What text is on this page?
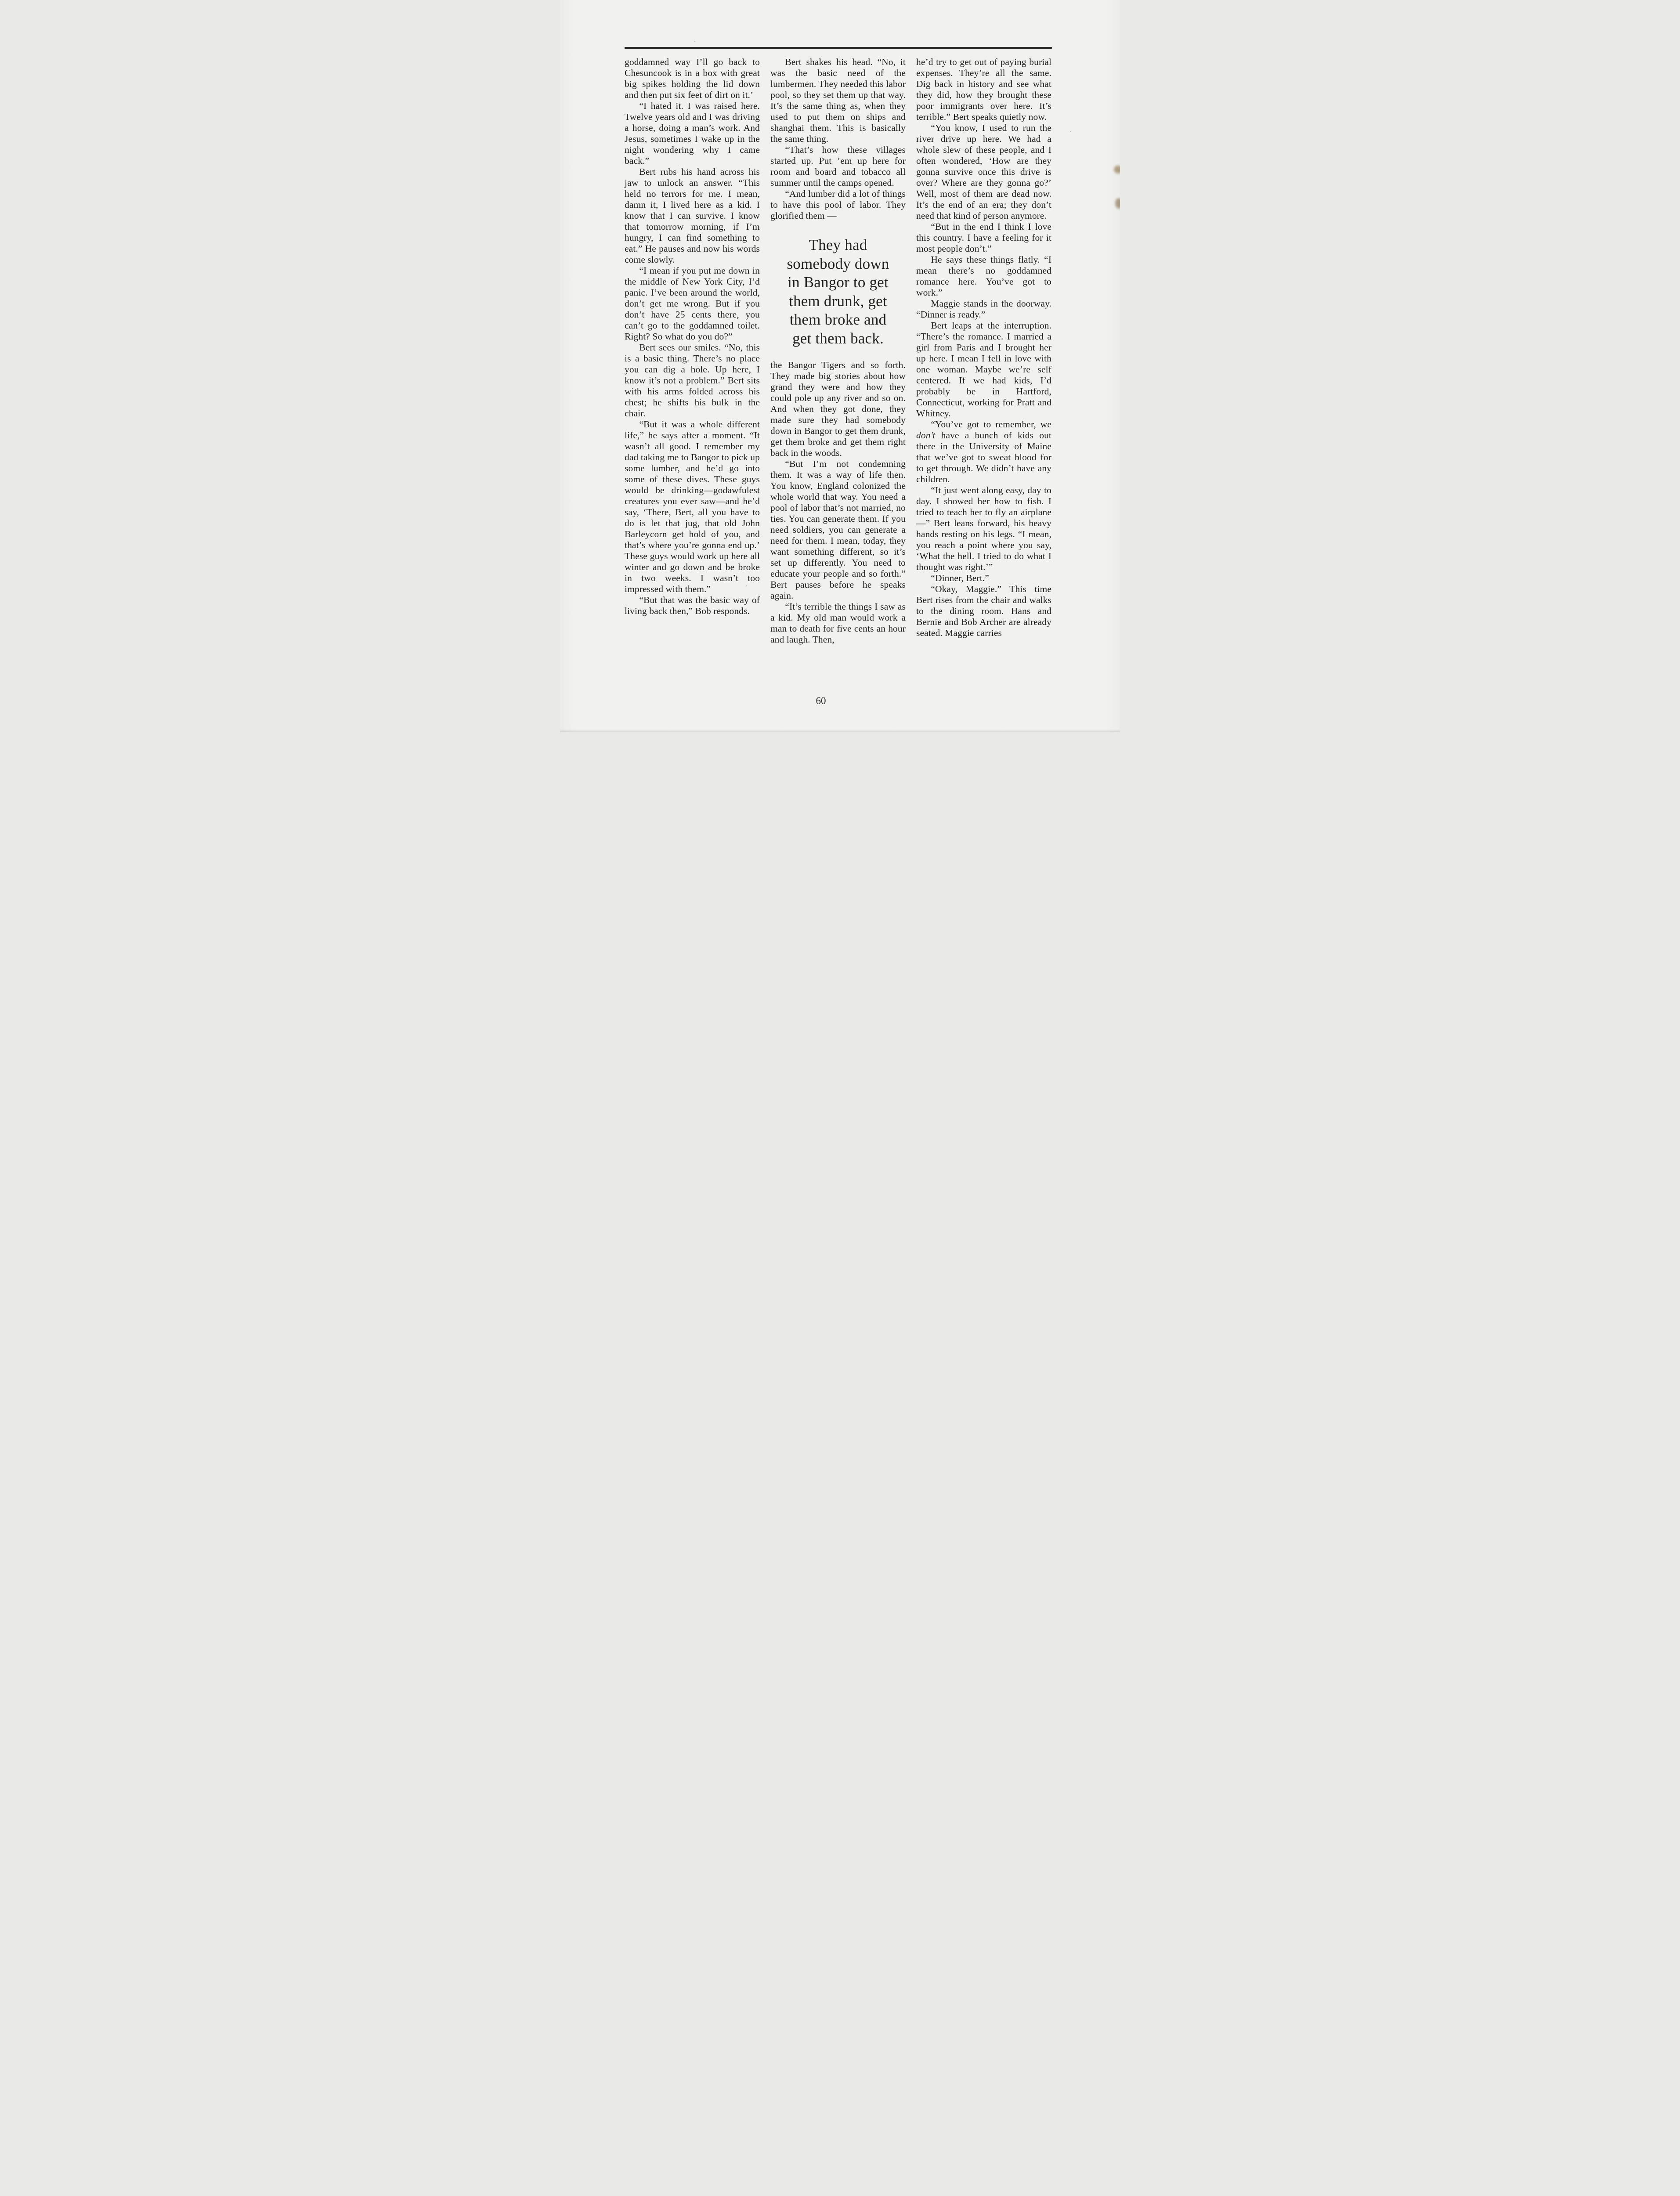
goddamned way I’ll go back to Chesuncook is in a box with great big spikes holding the lid down and then put six feet of dirt on it.’

“I hated it. I was raised here. Twelve years old and I was driving a horse, doing a man’s work. And Jesus, sometimes I wake up in the night wondering why I came back.”

Bert rubs his hand across his jaw to unlock an answer. “This held no terrors for me. I mean, damn it, I lived here as a kid. I know that I can survive. I know that tomorrow morning, if I’m hungry, I can find something to eat.” He pauses and now his words come slowly.

“I mean if you put me down in the middle of New York City, I’d panic. I’ve been around the world, don’t get me wrong. But if you don’t have 25 cents there, you can’t go to the goddamned toilet. Right? So what do you do?”

Bert sees our smiles. “No, this is a basic thing. There’s no place you can dig a hole. Up here, I know it’s not a problem.” Bert sits with his arms folded across his chest; he shifts his bulk in the chair.

“But it was a whole different life,” he says after a moment. “It wasn’t all good. I remember my dad taking me to Bangor to pick up some lumber, and he’d go into some of these dives. These guys would be drinking—godawfulest creatures you ever saw—and he’d say, ‘There, Bert, all you have to do is let that jug, that old John Barleycorn get hold of you, and that’s where you’re gonna end up.’ These guys would work up here all winter and go down and be broke in two weeks. I wasn’t too impressed with them.”

“But that was the basic way of living back then,” Bob responds.

Bert shakes his head. “No, it was the basic need of the lumbermen. They needed this labor pool, so they set them up that way. It’s the same thing as, when they used to put them on ships and shanghai them. This is basically the same thing.

“That’s how these villages started up. Put ’em up here for room and board and tobacco all summer until the camps opened.

“And lumber did a lot of things to have this pool of labor. They glorified them —

They had somebody down in Bangor to get them drunk, get them broke and get them back.

the Bangor Tigers and so forth. They made big stories about how grand they were and how they could pole up any river and so on. And when they got done, they made sure they had somebody down in Bangor to get them drunk, get them broke and get them right back in the woods.

“But I’m not condemning them. It was a way of life then. You know, England colonized the whole world that way. You need a pool of labor that’s not married, no ties. You can generate them. If you need soldiers, you can generate a need for them. I mean, today, they want something different, so it’s set up differently. You need to educate your people and so forth.” Bert pauses before he speaks again.

“It’s terrible the things I saw as a kid. My old man would work a man to death for five cents an hour and laugh. Then,

he’d try to get out of paying burial expenses. They’re all the same. Dig back in history and see what they did, how they brought these poor immigrants over here. It’s terrible.” Bert speaks quietly now.

“You know, I used to run the river drive up here. We had a whole slew of these people, and I often wondered, ‘How are they gonna survive once this drive is over? Where are they gonna go?’ Well, most of them are dead now. It’s the end of an era; they don’t need that kind of person anymore.

“But in the end I think I love this country. I have a feeling for it most people don’t.”

He says these things flatly. “I mean there’s no goddamned romance here. You’ve got to work.”

Maggie stands in the doorway. “Dinner is ready.”

Bert leaps at the interruption. “There’s the romance. I married a girl from Paris and I brought her up here. I mean I fell in love with one woman. Maybe we’re self centered. If we had kids, I’d probably be in Hartford, Connecticut, working for Pratt and Whitney.

“You’ve got to remember, we don’t have a bunch of kids out there in the University of Maine that we’ve got to sweat blood for to get through. We didn’t have any children.

“It just went along easy, day to day. I showed her how to fish. I tried to teach her to fly an airplane—” Bert leans forward, his heavy hands resting on his legs. “I mean, you reach a point where you say, ‘What the hell. I tried to do what I thought was right.’”

“Dinner, Bert.”

“Okay, Maggie.” This time Bert rises from the chair and walks to the dining room. Hans and Bernie and Bob Archer are already seated. Maggie carries

60
